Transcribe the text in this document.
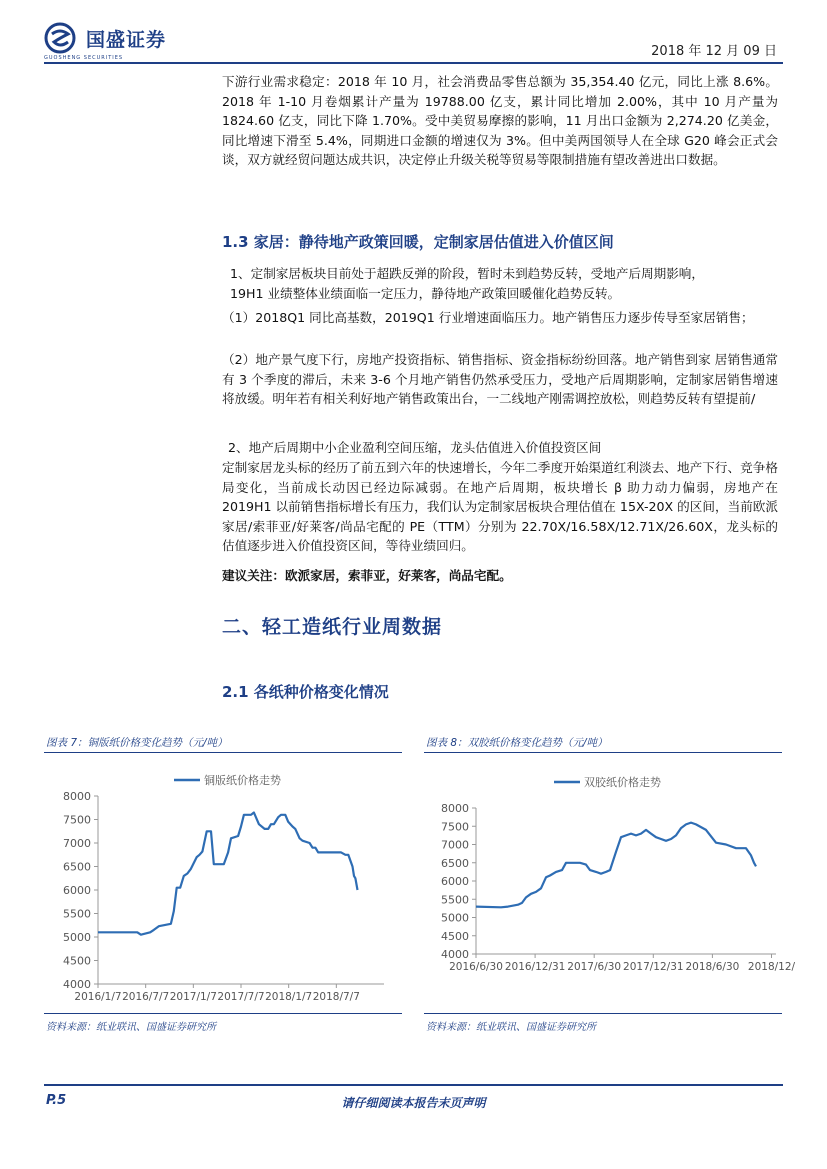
国盛证券
GUOSHENG SECURITIES	2018 年 12 月 09 日

下游行业需求稳定：2018 年 10 月，社会消费品零售总额为 35,354.40 亿元，同比上涨 8.6%。2018 年 1-10 月卷烟累计产量为 19788.00 亿支，累计同比增加 2.00%，其中 10 月产量为 1824.60 亿支，同比下降 1.70%。受中美贸易摩擦的影响，11 月出口金额为 2,274.20 亿美金，同比增速下滑至 5.4%，同期进口金额的增速仅为 3%。但中美两国领导人在全球 G20 峰会正式会谈，双方就经贸问题达成共识，决定停止升级关税等贸易等限制措施有望改善进出口数据。

1.3 家居：静待地产政策回暖，定制家居估值进入价值区间

1、定制家居板块目前处于超跌反弹的阶段，暂时未到趋势反转，受地产后周期影响，

19H1 业绩整体业绩面临一定压力，静待地产政策回暖催化趋势反转。

（1）2018Q1 同比高基数，2019Q1 行业增速面临压力。地产销售压力逐步传导至家居销售；

（2）地产景气度下行，房地产投资指标、销售指标、资金指标纷纷回落。地产销售到家 居销售通常有 3 个季度的滞后，未来 3-6 个月地产销售仍然承受压力，受地产后周期影响，定制家居销售增速将放缓。明年若有相关利好地产销售政策出台，一二线地产刚需调控放松，则趋势反转有望提前/

2、地产后周期中小企业盈利空间压缩，龙头估值进入价值投资区间

定制家居龙头标的经历了前五到六年的快速增长，今年二季度开始渠道红利淡去、地产下行、竞争格局变化，当前成长动因已经边际减弱。在地产后周期，板块增长 β 助力动力偏弱，房地产在 2019H1 以前销售指标增长有压力，我们认为定制家居板块合理估值在 15X-20X 的区间，当前欧派家居/索菲亚/好莱客/尚品宅配的 PE（TTM）分别为 22.70X/16.58X/12.71X/26.60X，龙头标的估值逐步进入价值投资区间，等待业绩回归。

建议关注：欧派家居，索菲亚，好莱客，尚品宅配。

二、轻工造纸行业周数据
2.1 各纸种价格变化情况
图表 7：铜版纸价格变化趋势（元/吨）
8000
7500
7000
6500
6000
5500
5000
4500
4000
2016/1/7 2016/7/7 2017/1/7 2017/7/7 2018/1/7 2018/7/7
铜版纸价格走势
资料来源：纸业联讯、国盛证券研究所
图表 8：双胶纸价格变化趋势（元/吨）
8000
7500
7000
6500
6000
5500
5000
4500
4000
2016/6/30 2016/12/31 2017/6/30 2017/12/31 2018/6/30 2018/12/
双胶纸价格走势
资料来源：纸业联讯、国盛证券研究所
P.5	请仔细阅读本报告末页声明
